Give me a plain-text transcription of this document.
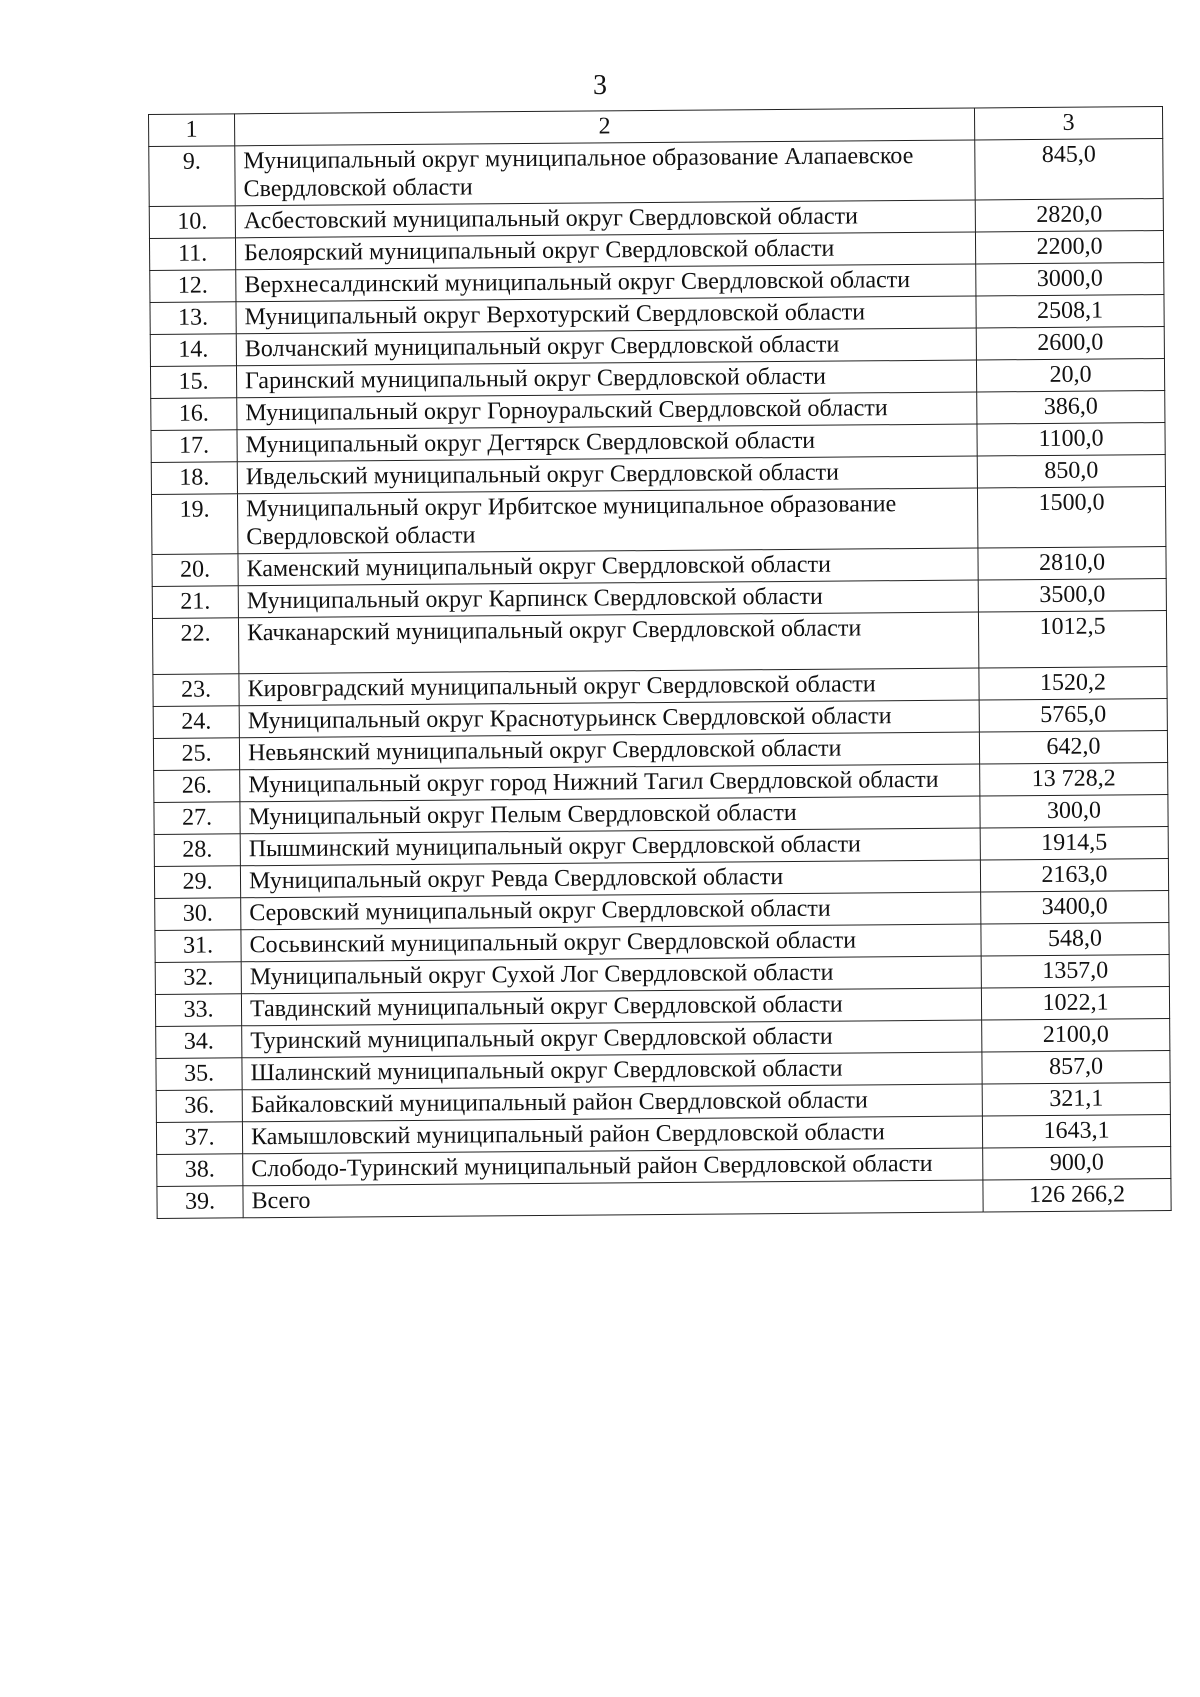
3
1	2	3
9.	Муниципальный округ муниципальное образование Алапаевское Свердловской области	845,0
10.	Асбестовский муниципальный округ Свердловской области	2820,0
11.	Белоярский муниципальный округ Свердловской области	2200,0
12.	Верхнесалдинский муниципальный округ Свердловской области	3000,0
13.	Муниципальный округ Верхотурский Свердловской области	2508,1
14.	Волчанский муниципальный округ Свердловской области	2600,0
15.	Гаринский муниципальный округ Свердловской области	20,0
16.	Муниципальный округ Горноуральский Свердловской области	386,0
17.	Муниципальный округ Дегтярск Свердловской области	1100,0
18.	Ивдельский муниципальный округ Свердловской области	850,0
19.	Муниципальный округ Ирбитское муниципальное образование Свердловской области	1500,0
20.	Каменский муниципальный округ Свердловской области	2810,0
21.	Муниципальный округ Карпинск Свердловской области	3500,0
22.	Качканарский муниципальный округ Свердловской области	1012,5
23.	Кировградский муниципальный округ Свердловской области	1520,2
24.	Муниципальный округ Краснотурьинск Свердловской области	5765,0
25.	Невьянский муниципальный округ Свердловской области	642,0
26.	Муниципальный округ город Нижний Тагил Свердловской области	13 728,2
27.	Муниципальный округ Пелым Свердловской области	300,0
28.	Пышминский муниципальный округ Свердловской области	1914,5
29.	Муниципальный округ Ревда Свердловской области	2163,0
30.	Серовский муниципальный округ Свердловской области	3400,0
31.	Сосьвинский муниципальный округ Свердловской области	548,0
32.	Муниципальный округ Сухой Лог Свердловской области	1357,0
33.	Тавдинский муниципальный округ Свердловской области	1022,1
34.	Туринский муниципальный округ Свердловской области	2100,0
35.	Шалинский муниципальный округ Свердловской области	857,0
36.	Байкаловский муниципальный район Свердловской области	321,1
37.	Камышловский муниципальный район Свердловской области	1643,1
38.	Слободо-Туринский муниципальный район Свердловской области	900,0
39.	Всего	126 266,2
